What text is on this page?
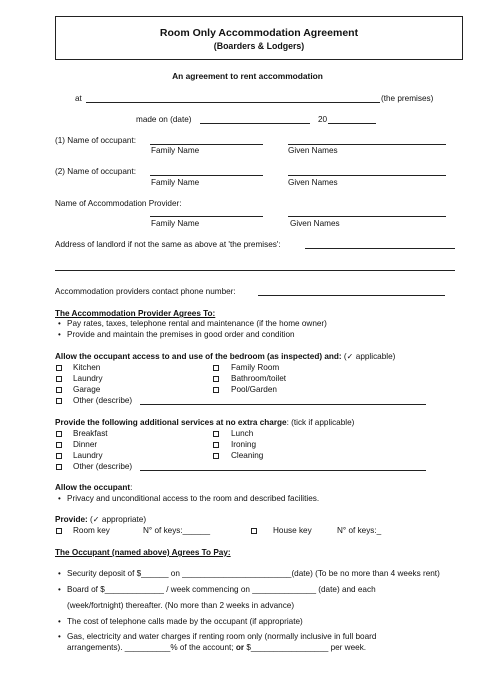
Room Only Accommodation Agreement
(Boarders & Lodgers)
An agreement to rent accommodation
at	(the premises)
made on (date)	20
(1) Name of occupant:
Family Name	Given Names
(2) Name of occupant:
Family Name	Given Names
Name of Accommodation Provider:
Family Name	Given Names
Address of landlord if not the same as above at 'the premises':
Accommodation providers contact phone number:
The Accommodation Provider Agrees To:
• Pay rates, taxes, telephone rental and maintenance (if the home owner)
• Provide and maintain the premises in good order and condition
Allow the occupant access to and use of the bedroom (as inspected) and: (✓ applicable)
Kitchen
Laundry
Garage
Other (describe)
Family Room
Bathroom/toilet
Pool/Garden
Provide the following additional services at no extra charge: (tick if applicable)
Breakfast
Dinner
Laundry
Other (describe)
Lunch
Ironing
Cleaning
Allow the occupant:
• Privacy and unconditional access to the room and described facilities.
Provide: (✓ appropriate)
Room key	N° of keys:______	House key	N° of keys:_
The Occupant (named above) Agrees To Pay:
• Security deposit of $______ on ________________________(date) (To be no more than 4 weeks rent)
• Board of $_____________ / week commencing on ______________ (date) and each
(week/fortnight) thereafter. (No more than 2 weeks in advance)
• The cost of telephone calls made by the occupant (if appropriate)
• Gas, electricity and water charges if renting room only (normally inclusive in full board
arrangements). __________% of the account; or $_________________ per week.
